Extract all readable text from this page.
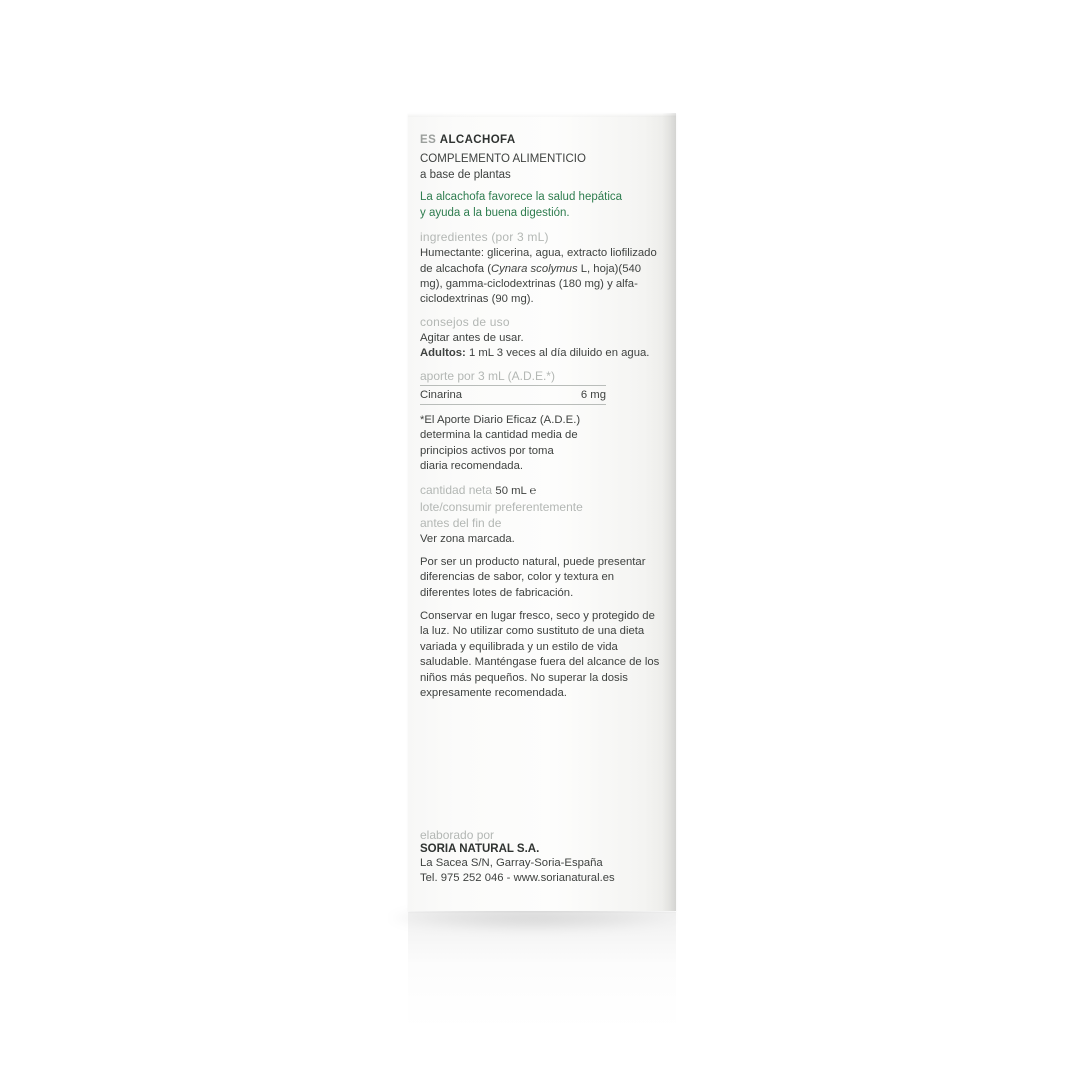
ES ALCACHOFA
COMPLEMENTO ALIMENTICIO
a base de plantas
La alcachofa favorece la salud hepática
y ayuda a la buena digestión.
ingredientes (por 3 mL)
Humectante: glicerina, agua, extracto liofilizado de alcachofa (Cynara scolymus L, hoja)(540 mg), gamma-ciclodextrinas (180 mg) y alfa-ciclodextrinas (90 mg).
consejos de uso
Agitar antes de usar.
Adultos: 1 mL 3 veces al día diluido en agua.
aporte por 3 mL (A.D.E.*)
Cinarina	6 mg
*El Aporte Diario Eficaz (A.D.E.)
determina la cantidad media de
principios activos por toma
diaria recomendada.
cantidad neta 50 mL ℮
lote/consumir preferentemente
antes del fin de
Ver zona marcada.
Por ser un producto natural, puede presentar diferencias de sabor, color y textura en diferentes lotes de fabricación.
Conservar en lugar fresco, seco y protegido de la luz. No utilizar como sustituto de una dieta variada y equilibrada y un estilo de vida saludable. Manténgase fuera del alcance de los niños más pequeños. No superar la dosis expresamente recomendada.
elaborado por
SORIA NATURAL S.A.
La Sacea S/N, Garray-Soria-España
Tel. 975 252 046 - www.sorianatural.es
